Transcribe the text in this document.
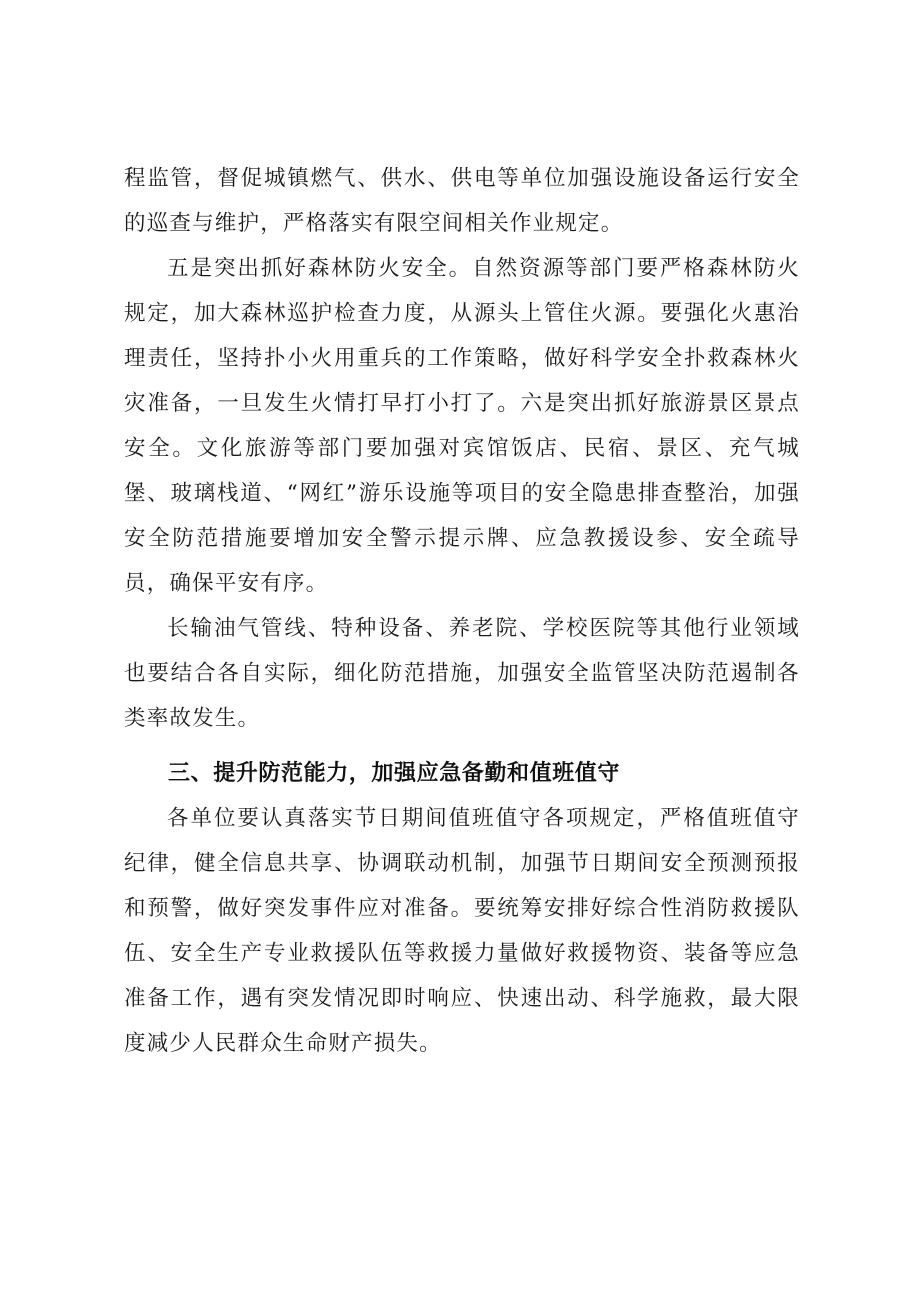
程监管，督促城镇燃气、供水、供电等单位加强设施设备运行安全的巡查与维护，严格落实有限空间相关作业规定。

五是突出抓好森林防火安全。自然资源等部门要严格森林防火规定，加大森林巡护检查力度，从源头上管住火源。要强化火惠治理责任，坚持扑小火用重兵的工作策略，做好科学安全扑救森林火灾准备，一旦发生火情打早打小打了。六是突出抓好旅游景区景点安全。文化旅游等部门要加强对宾馆饭店、民宿、景区、充气城堡、玻璃栈道、“网红”游乐设施等项目的安全隐患排查整治，加强安全防范措施要增加安全警示提示牌、应急教援设参、安全疏导员，确保平安有序。

长输油气管线、特种设备、养老院、学校医院等其他行业领域也要结合各自实际，细化防范措施，加强安全监管坚决防范遏制各类率故发生。

三、提升防范能力，加强应急备勤和值班值守

各单位要认真落实节日期间值班值守各项规定，严格值班值守纪律，健全信息共享、协调联动机制，加强节日期间安全预测预报和预警，做好突发事件应对准备。要统筹安排好综合性消防救援队伍、安全生产专业救援队伍等救援力量做好救援物资、装备等应急准备工作，遇有突发情况即时响应、快速出动、科学施救，最大限度减少人民群众生命财产损失。
